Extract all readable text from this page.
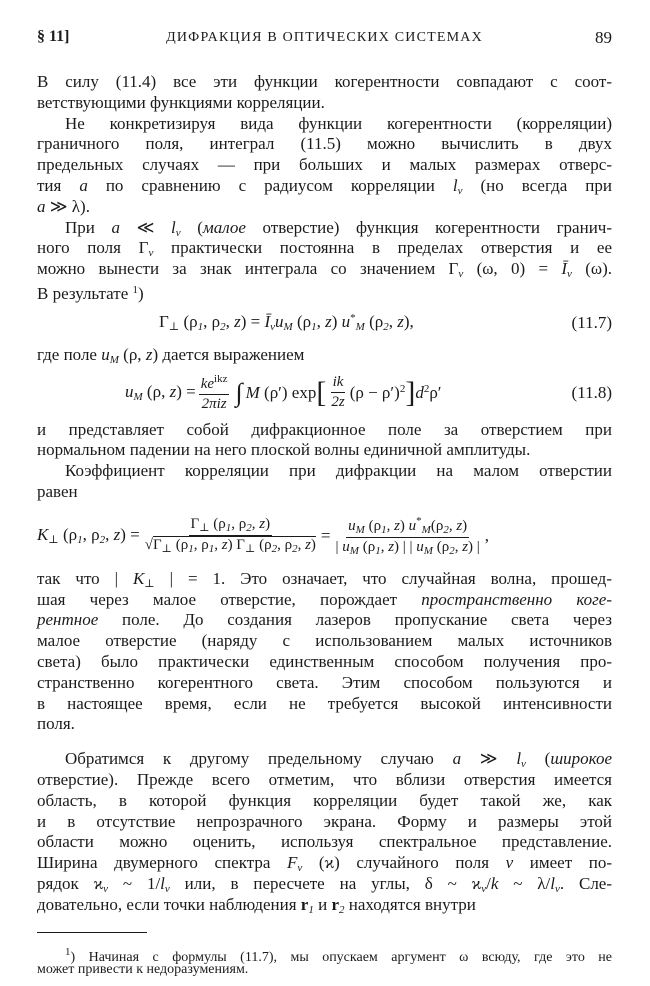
§ 11]	ДИФРАКЦИЯ В ОПТИЧЕСКИХ СИСТЕМАХ	89
В силу (11.4) все эти функции когерентности совпадают с соот-
ветствующими функциями корреляции.
Не конкретизируя вида функции когерентности (корреляции)
граничного поля, интеграл (11.5) можно вычислить в двух
предельных случаях — при больших и малых размерах отверс-
тия a по сравнению с радиусом корреляции $l_v$ (но всегда при
a ≫ λ).
При a ≪ $l_v$ (малое отверстие) функция когерентности гранич-
ного поля $\Gamma_v$ практически постоянна в пределах отверстия и ее
можно вынести за знак интеграла со значением $\Gamma_v$ (ω, $0) = Ī_v$ (ω).
В результате $^1$)
$\Gamma_\perp$ ($\rho_1$, $\rho_2$, $z) = Ī_vu_M$ ($\rho_1$, z) $u^*_M$ ($\rho_2$, z),	(11.7)
где поле $u_M$ (ρ, z) дается выражением
$u_M$ (ρ, $z) = \frac{ke^{ikz}}{\text{2πiz}}$ ∫ M (ρ′) exp [ $\frac{ik}{2z} (\rho - \rho')^2$ ] $d^2\rho'$	(11.8)
и представляет собой дифракционное поле за отверстием при
нормальном падении на него плоской волны единичной амплитуды.
Коэффициент корреляции при дифракции на малом отверстии
равен
$K_\perp$ ($\rho_1$, $\rho_2$, $z) = \frac{\Gamma_\perp (\rho_1, \rho_2, z)}{√\Gamma_\perp (\rho_1, \rho_1, z) \Gamma_\perp (\rho_2, \rho_2, z)} = \frac{u_M (\rho_1, z) u^*_M(\rho_2, z)}{| u_M (\rho_1, z) | | u_M (\rho_2, z) |}$ ,
так что | $K_\perp$ | = 1. Это означает, что случайная волна, прошед-
шая через малое отверстие, порождает пространственно коге-
рентное поле. До создания лазеров пропускание света через
малое отверстие (наряду с использованием малых источников
света) было практически единственным способом получения про-
странственно когерентного света. Этим способом пользуются и
в настоящее время, если не требуется высокой интенсивности
поля.
Обратимся к другому предельному случаю a ≫ $l_v$ (широкое
отверстие). Прежде всего отметим, что вблизи отверстия имеется
область, в которой функция корреляции будет такой же, как
и в отсутствие непрозрачного экрана. Форму и размеры этой
области можно оценить, используя спектральное представление.
Ширина двумерного спектра $F_v$ (ϰ) случайного поля v имеет по-
рядок $ϰ_v$ ~ $1/l_v$ или, в пересчете на углы, δ ~ $ϰ_v/k$ ~ $\lambda/l_v$. Сле-
довательно, если точки наблюдения $r_1$ и $r_2$ находятся внутри
$^1$) Начиная с формулы (11.7), мы опускаем аргумент ω всюду, где это не
может привести к недоразумениям.
